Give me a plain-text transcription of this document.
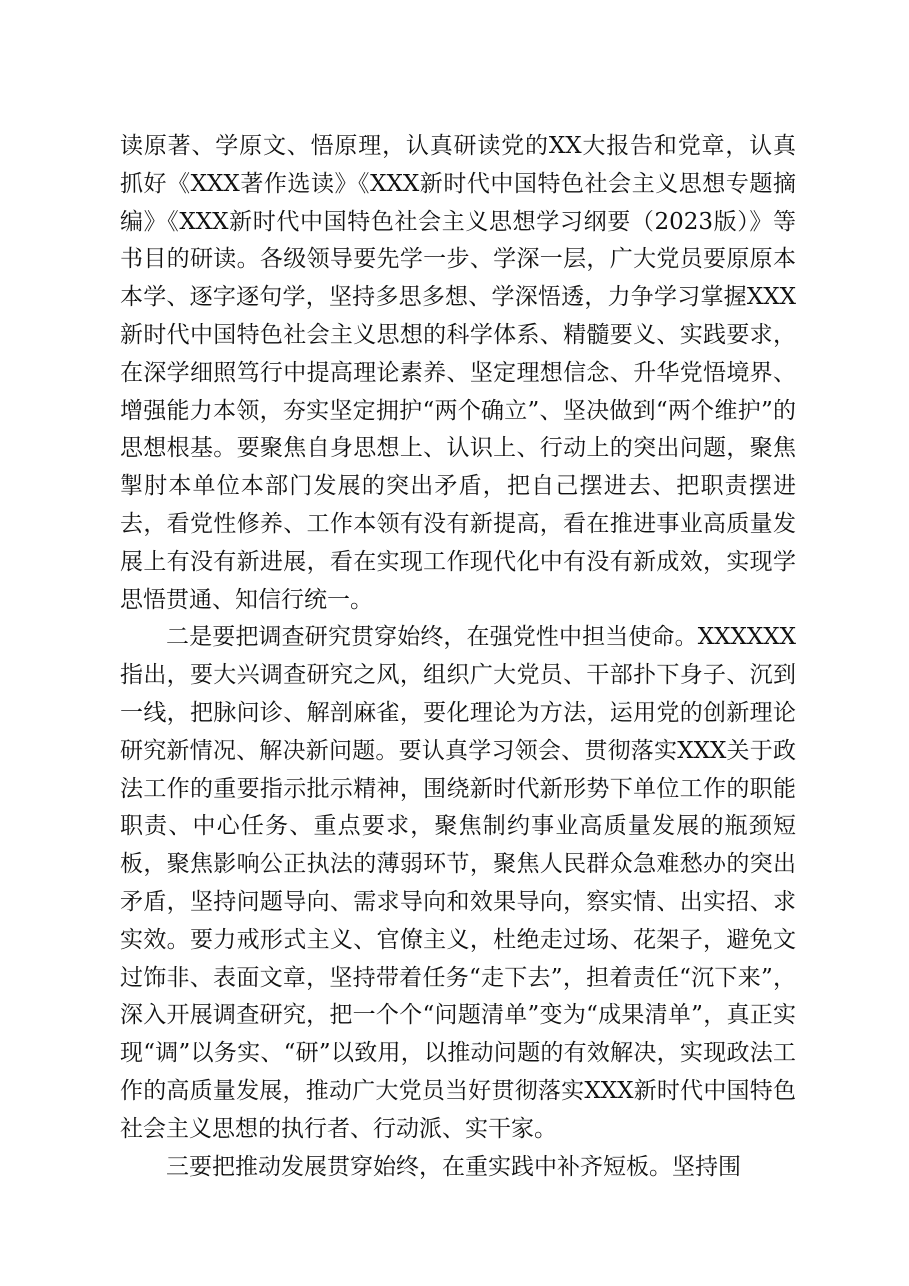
读原著、学原文、悟原理，认真研读党的XX大报告和党章，认真抓好《XXX著作选读》《XXX新时代中国特色社会主义思想专题摘编》《XXX新时代中国特色社会主义思想学习纲要（2023版）》等书目的研读。各级领导要先学一步、学深一层，广大党员要原原本本学、逐字逐句学，坚持多思多想、学深悟透，力争学习掌握XXX新时代中国特色社会主义思想的科学体系、精髓要义、实践要求，在深学细照笃行中提高理论素养、坚定理想信念、升华党悟境界、增强能力本领，夯实坚定拥护“两个确立”、坚决做到“两个维护”的思想根基。要聚焦自身思想上、认识上、行动上的突出问题，聚焦掣肘本单位本部门发展的突出矛盾，把自己摆进去、把职责摆进去，看党性修养、工作本领有没有新提高，看在推进事业高质量发展上有没有新进展，看在实现工作现代化中有没有新成效，实现学思悟贯通、知信行统一。

二是要把调查研究贯穿始终，在强党性中担当使命。XXXXXX指出，要大兴调查研究之风，组织广大党员、干部扑下身子、沉到一线，把脉问诊、解剖麻雀，要化理论为方法，运用党的创新理论研究新情况、解决新问题。要认真学习领会、贯彻落实XXX关于政法工作的重要指示批示精神，围绕新时代新形势下单位工作的职能职责、中心任务、重点要求，聚焦制约事业高质量发展的瓶颈短板，聚焦影响公正执法的薄弱环节，聚焦人民群众急难愁办的突出矛盾，坚持问题导向、需求导向和效果导向，察实情、出实招、求实效。要力戒形式主义、官僚主义，杜绝走过场、花架子，避免文过饰非、表面文章，坚持带着任务“走下去”，担着责任“沉下来”，深入开展调查研究，把一个个“问题清单”变为“成果清单”，真正实现“调”以务实、“研”以致用，以推动问题的有效解决，实现政法工作的高质量发展，推动广大党员当好贯彻落实XXX新时代中国特色社会主义思想的执行者、行动派、实干家。

三要把推动发展贯穿始终，在重实践中补齐短板。坚持围
